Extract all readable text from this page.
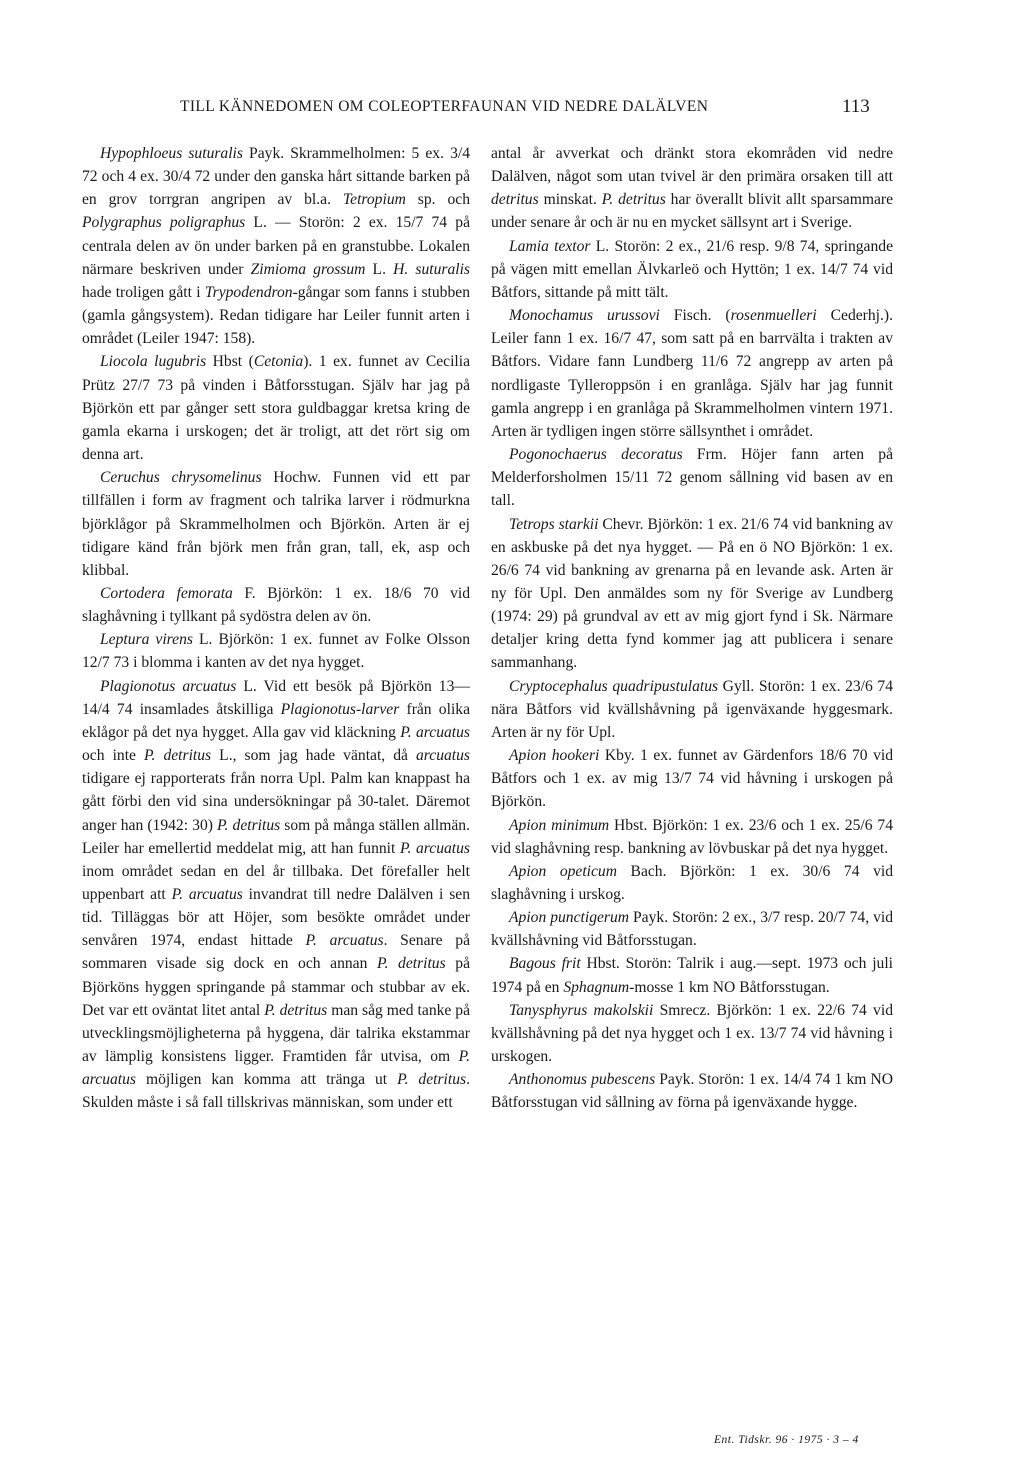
TILL KÄNNEDOMEN OM COLEOPTERFAUNAN VID NEDRE DALÄLVEN	113

Hypophloeus suturalis Payk. Skrammelholmen: 5 ex. 3/4 72 och 4 ex. 30/4 72 under den ganska hårt sittande barken på en grov torrgran angripen av bl.a. Tetropium sp. och Polygraphus poligraphus L. — Storön: 2 ex. 15/7 74 på centrala delen av ön under barken på en granstubbe. Lokalen närmare beskriven under Zimioma grossum L. H. suturalis hade troligen gått i Trypodendron-gångar som fanns i stubben (gamla gångsystem). Redan tidigare har Leiler funnit arten i området (Leiler 1947: 158).

Liocola lugubris Hbst (Cetonia). 1 ex. funnet av Cecilia Prütz 27/7 73 på vinden i Båtforsstugan. Själv har jag på Björkön ett par gånger sett stora guldbaggar kretsa kring de gamla ekarna i urskogen; det är troligt, att det rört sig om denna art.

Ceruchus chrysomelinus Hochw. Funnen vid ett par tillfällen i form av fragment och talrika larver i rödmurkna björklågor på Skrammelholmen och Björkön. Arten är ej tidigare känd från björk men från gran, tall, ek, asp och klibbal.

Cortodera femorata F. Björkön: 1 ex. 18/6 70 vid slaghåvning i tyllkant på sydöstra delen av ön.

Leptura virens L. Björkön: 1 ex. funnet av Folke Olsson 12/7 73 i blomma i kanten av det nya hygget.

Plagionotus arcuatus L. Vid ett besök på Björkön 13—14/4 74 insamlades åtskilliga Plagionotus-larver från olika eklågor på det nya hygget. Alla gav vid kläckning P. arcuatus och inte P. detritus L., som jag hade väntat, då arcuatus tidigare ej rapporterats från norra Upl. Palm kan knappast ha gått förbi den vid sina undersökningar på 30-talet. Däremot anger han (1942: 30) P. detritus som på många ställen allmän. Leiler har emellertid meddelat mig, att han funnit P. arcuatus inom området sedan en del år tillbaka. Det förefaller helt uppenbart att P. arcuatus invandrat till nedre Dalälven i sen tid. Tilläggas bör att Höjer, som besökte området under senvåren 1974, endast hittade P. arcuatus. Senare på sommaren visade sig dock en och annan P. detritus på Björköns hyggen springande på stammar och stubbar av ek. Det var ett oväntat litet antal P. detritus man såg med tanke på utvecklingsmöjligheterna på hyggena, där talrika ekstammar av lämplig konsistens ligger. Framtiden får utvisa, om P. arcuatus möjligen kan komma att tränga ut P. detritus. Skulden måste i så fall tillskrivas människan, som under ett

antal år avverkat och dränkt stora ekområden vid nedre Dalälven, något som utan tvivel är den primära orsaken till att detritus minskat. P. detritus har överallt blivit allt sparsammare under senare år och är nu en mycket sällsynt art i Sverige.

Lamia textor L. Storön: 2 ex., 21/6 resp. 9/8 74, springande på vägen mitt emellan Älvkarleö och Hyttön; 1 ex. 14/7 74 vid Båtfors, sittande på mitt tält.

Monochamus urussovi Fisch. (rosenmuelleri Cederhj.). Leiler fann 1 ex. 16/7 47, som satt på en barrvälta i trakten av Båtfors. Vidare fann Lundberg 11/6 72 angrepp av arten på nordligaste Tylleroppsön i en granlåga. Själv har jag funnit gamla angrepp i en granlåga på Skrammelholmen vintern 1971. Arten är tydligen ingen större sällsynthet i området.

Pogonochaerus decoratus Frm. Höjer fann arten på Melderforsholmen 15/11 72 genom sållning vid basen av en tall.

Tetrops starkii Chevr. Björkön: 1 ex. 21/6 74 vid bankning av en askbuske på det nya hygget. — På en ö NO Björkön: 1 ex. 26/6 74 vid bankning av grenarna på en levande ask. Arten är ny för Upl. Den anmäldes som ny för Sverige av Lundberg (1974: 29) på grundval av ett av mig gjort fynd i Sk. Närmare detaljer kring detta fynd kommer jag att publicera i senare sammanhang.

Cryptocephalus quadripustulatus Gyll. Storön: 1 ex. 23/6 74 nära Båtfors vid kvällshåvning på igenväxande hyggesmark. Arten är ny för Upl.

Apion hookeri Kby. 1 ex. funnet av Gärdenfors 18/6 70 vid Båtfors och 1 ex. av mig 13/7 74 vid håvning i urskogen på Björkön.

Apion minimum Hbst. Björkön: 1 ex. 23/6 och 1 ex. 25/6 74 vid slaghåvning resp. bankning av lövbuskar på det nya hygget.

Apion opeticum Bach. Björkön: 1 ex. 30/6 74 vid slaghåvning i urskog.

Apion punctigerum Payk. Storön: 2 ex., 3/7 resp. 20/7 74, vid kvällshåvning vid Båtforsstugan.

Bagous frit Hbst. Storön: Talrik i aug.—sept. 1973 och juli 1974 på en Sphagnum-mosse 1 km NO Båtforsstugan.

Tanysphyrus makolskii Smrecz. Björkön: 1 ex. 22/6 74 vid kvällshåvning på det nya hygget och 1 ex. 13/7 74 vid håvning i urskogen.

Anthonomus pubescens Payk. Storön: 1 ex. 14/4 74 1 km NO Båtforsstugan vid sållning av förna på igenväxande hygge.

Ent. Tidskr. 96 · 1975 · 3 – 4
